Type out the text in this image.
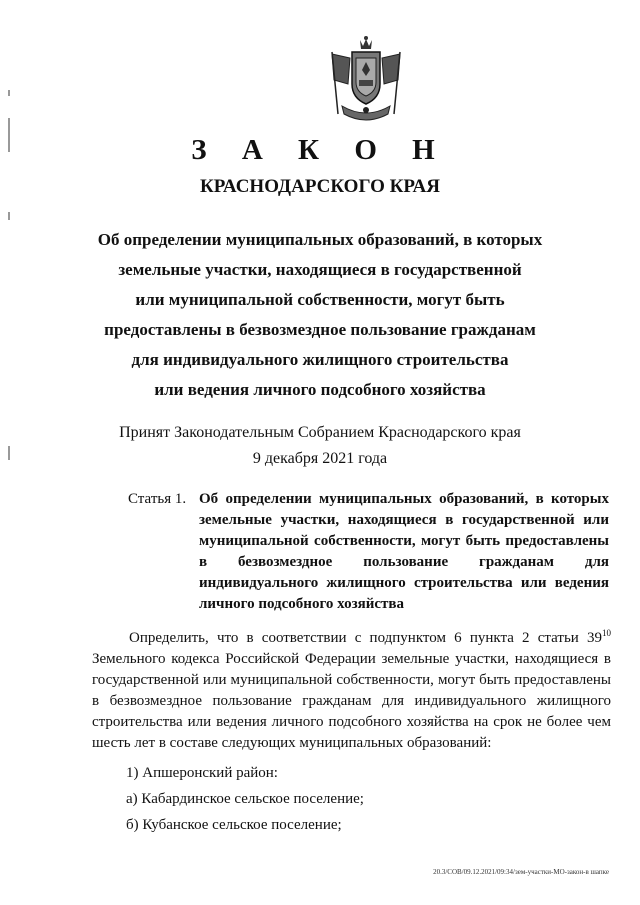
З А К О Н
КРАСНОДАРСКОГО КРАЯ
Об определении муниципальных образований, в которых
земельные участки, находящиеся в государственной
или муниципальной собственности, могут быть
предоставлены в безвозмездное пользование гражданам
для индивидуального жилищного строительства
или ведения личного подсобного хозяйства
Принят Законодательным Собранием Краснодарского края
9 декабря 2021 года
Статья 1. Об определении муниципальных образований, в которых земельные участки, находящиеся в государственной или муниципальной собственности, могут быть предоставлены в безвозмездное пользование гражданам для индивидуального жилищного строительства или ведения личного подсобного хозяйства
Определить, что в соответствии с подпунктом 6 пункта 2 статьи $39^{10}$ Земельного кодекса Российской Федерации земельные участки, находящиеся в государственной или муниципальной собственности, могут быть предоставлены в безвозмездное пользование гражданам для индивидуального жилищного строительства или ведения личного подсобного хозяйства на срок не более чем шесть лет в составе следующих муниципальных образований:
1) Апшеронский район:
а) Кабардинское сельское поселение;
б) Кубанское сельское поселение;
20.3/СОВ/09.12.2021/09:34/зем-участки-МО-закон-в шапке
